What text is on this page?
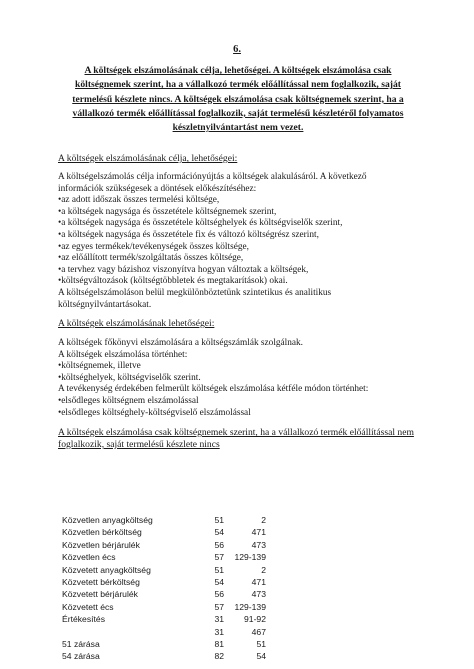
6.
A költségek elszámolásának célja, lehetőségei. A költségek elszámolása csak
költségnemek szerint, ha a vállalkozó termék előállítással nem foglalkozik, saját
termelésű készlete nincs. A költségek elszámolása csak költségnemek szerint, ha a
vállalkozó termék előállítással foglalkozik, saját termelésű készletéről folyamatos
készletnyilvántartást nem vezet.
A költségek elszámolásának célja, lehetőségei:
A költségelszámolás célja információnyújtás a költségek alakulásáról. A következő
információk szükségesek a döntések előkészítéséhez:
•az adott időszak összes termelési költsége,
•a költségek nagysága és összetétele költségnemek szerint,
•a költségek nagysága és összetétele költséghelyek és költségviselők szerint,
•a költségek nagysága és összetétele fix és változó költségrész szerint,
•az egyes termékek/tevékenységek összes költsége,
•az előállított termék/szolgáltatás összes költsége,
•a tervhez vagy bázishoz viszonyítva hogyan változtak a költségek,
•költségváltozások (költségtöbbletek és megtakarítások) okai.
A költségelszámoláson belül megkülönböztetünk szintetikus és analitikus
költségnyilvántartásokat.
A költségek elszámolásának lehetőségei:
A költségek főkönyvi elszámolására a költségszámlák szolgálnak.
A költségek elszámolása történhet:
•költségnemek, illetve
•költséghelyek, költségviselők szerint.
A tevékenység érdekében felmerült költségek elszámolása kétféle módon történhet:
•elsődleges költségnem elszámolással
•elsődleges költséghely-költségviselő elszámolással
A költségek elszámolása csak költségnemek szerint, ha a vállalkozó termék előállítással nem
foglalkozik, saját termelésű készlete nincs
Közvetlen anyagköltség	51	2
Közvetlen bérköltség	54	471
Közvetlen bérjárulék	56	473
Közvetlen écs	57	129-139
Közvetett anyagköltség	51	2
Közvetett bérköltség	54	471
Közvetett bérjárulék	56	473
Közvetett écs	57	129-139
Értékesítés	31	91-92
	31	467
51 zárása	81	51
54 zárása	82	54
